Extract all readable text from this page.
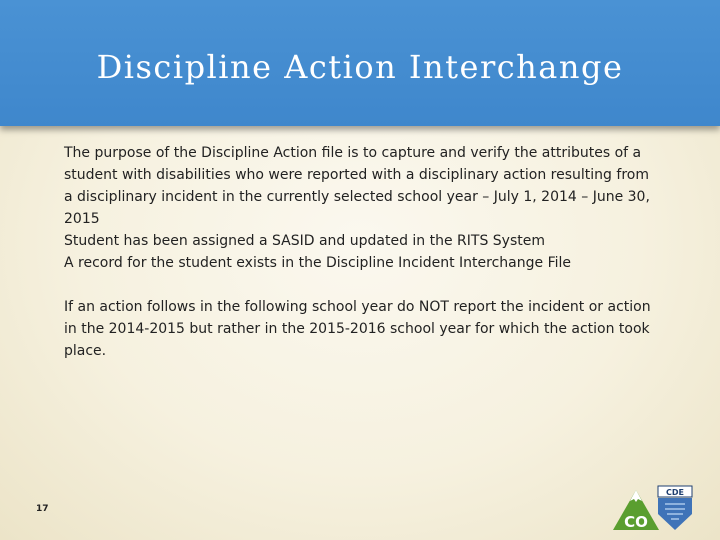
Discipline Action Interchange

The purpose of the Discipline Action file is to capture and verify the attributes of a student with disabilities who were reported with a disciplinary action resulting from a disciplinary incident in the currently selected school year – July 1, 2014 – June 30, 2015

Student has been assigned a SASID and updated in the RITS System

A record for the student exists in the Discipline Incident Interchange File

If an action follows in the following school year do NOT report the incident or action in the 2014-2015 but rather in the 2015-2016 school year for which the action took place.

17
CDE
CO
